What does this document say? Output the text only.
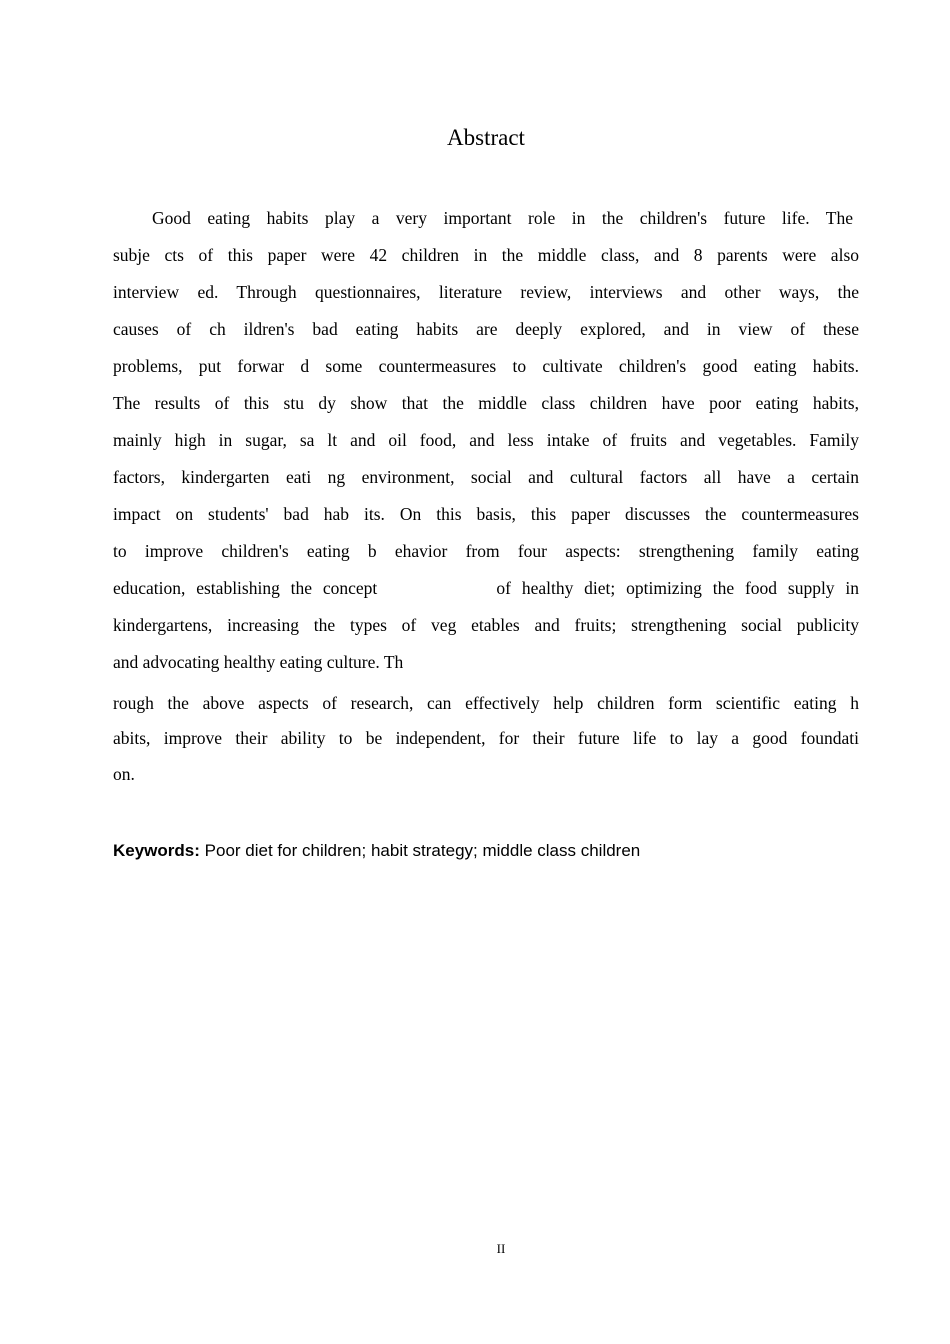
Abstract
Good eating habits play a very important role in the children's future life. The
subje cts of this paper were 42 children in the middle class, and 8 parents were also
interview ed. Through questionnaires, literature review, interviews and other ways, the
causes of ch ildren's bad eating habits are deeply explored, and in view of these
problems, put forwar d some countermeasures to cultivate children's good eating habits.
The results of this stu dy show that the middle class children have poor eating habits,
mainly high in sugar, sa lt and oil food, and less intake of fruits and vegetables. Family
factors, kindergarten eati ng environment, social and cultural factors all have a certain
impact on students' bad hab its. On this basis, this paper discusses the countermeasures
to improve children's eating b ehavior from four aspects: strengthening family eating
education, establishing the concept           of healthy diet; optimizing the food supply in
kindergartens, increasing the types of veg etables and fruits; strengthening social publicity
and advocating healthy eating culture. Th
rough the above aspects of research, can effectively help children form scientific eating h
abits, improve their ability to be independent, for their future life to lay a good foundati
on.
Keywords: Poor diet for children; habit strategy; middle class children
II
